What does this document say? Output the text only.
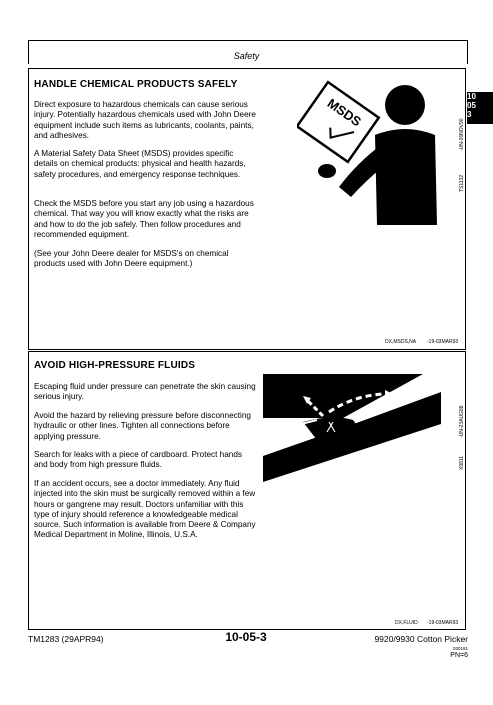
Safety
10
05
3
HANDLE CHEMICAL PRODUCTS SAFELY
Direct exposure to hazardous chemicals can cause serious injury. Potentially hazardous chemicals used with John Deere equipment include such items as lubricants, coolants, paints, and adhesives.
A Material Safety Data Sheet (MSDS) provides specific details on chemical products: physical and health hazards, safety procedures, and emergency response techniques.
Check the MSDS before you start any job using a hazardous chemical. That way you will know exactly what the risks are and how to do the job safely. Then follow procedures and recommended equipment.
(See your John Deere dealer for MSDS's on chemical products used with John Deere equipment.)
MSDS
TS1132
-UN-26NOV90
DX,MSDS,NA -19-03MAR93
AVOID HIGH-PRESSURE FLUIDS
Escaping fluid under pressure can penetrate the skin causing serious injury.
Avoid the hazard by relieving pressure before disconnecting hydraulic or other lines. Tighten all connections before applying pressure.
Search for leaks with a piece of cardboard. Protect hands and body from high pressure fluids.
If an accident occurs, see a doctor immediately. Any fluid injected into the skin must be surgically removed within a few hours or gangrene may result. Doctors unfamiliar with this type of injury should reference a knowledgeable medical source. Such information is available from Deere & Company Medical Department in Moline, Illinois, U.S.A.
X9811
-UN-23AUG88
DX,FLUID -19-03MAR93
TM1283 (29APR94)	10-05-3	9920/9930 Cotton Picker
030181
PN=6
